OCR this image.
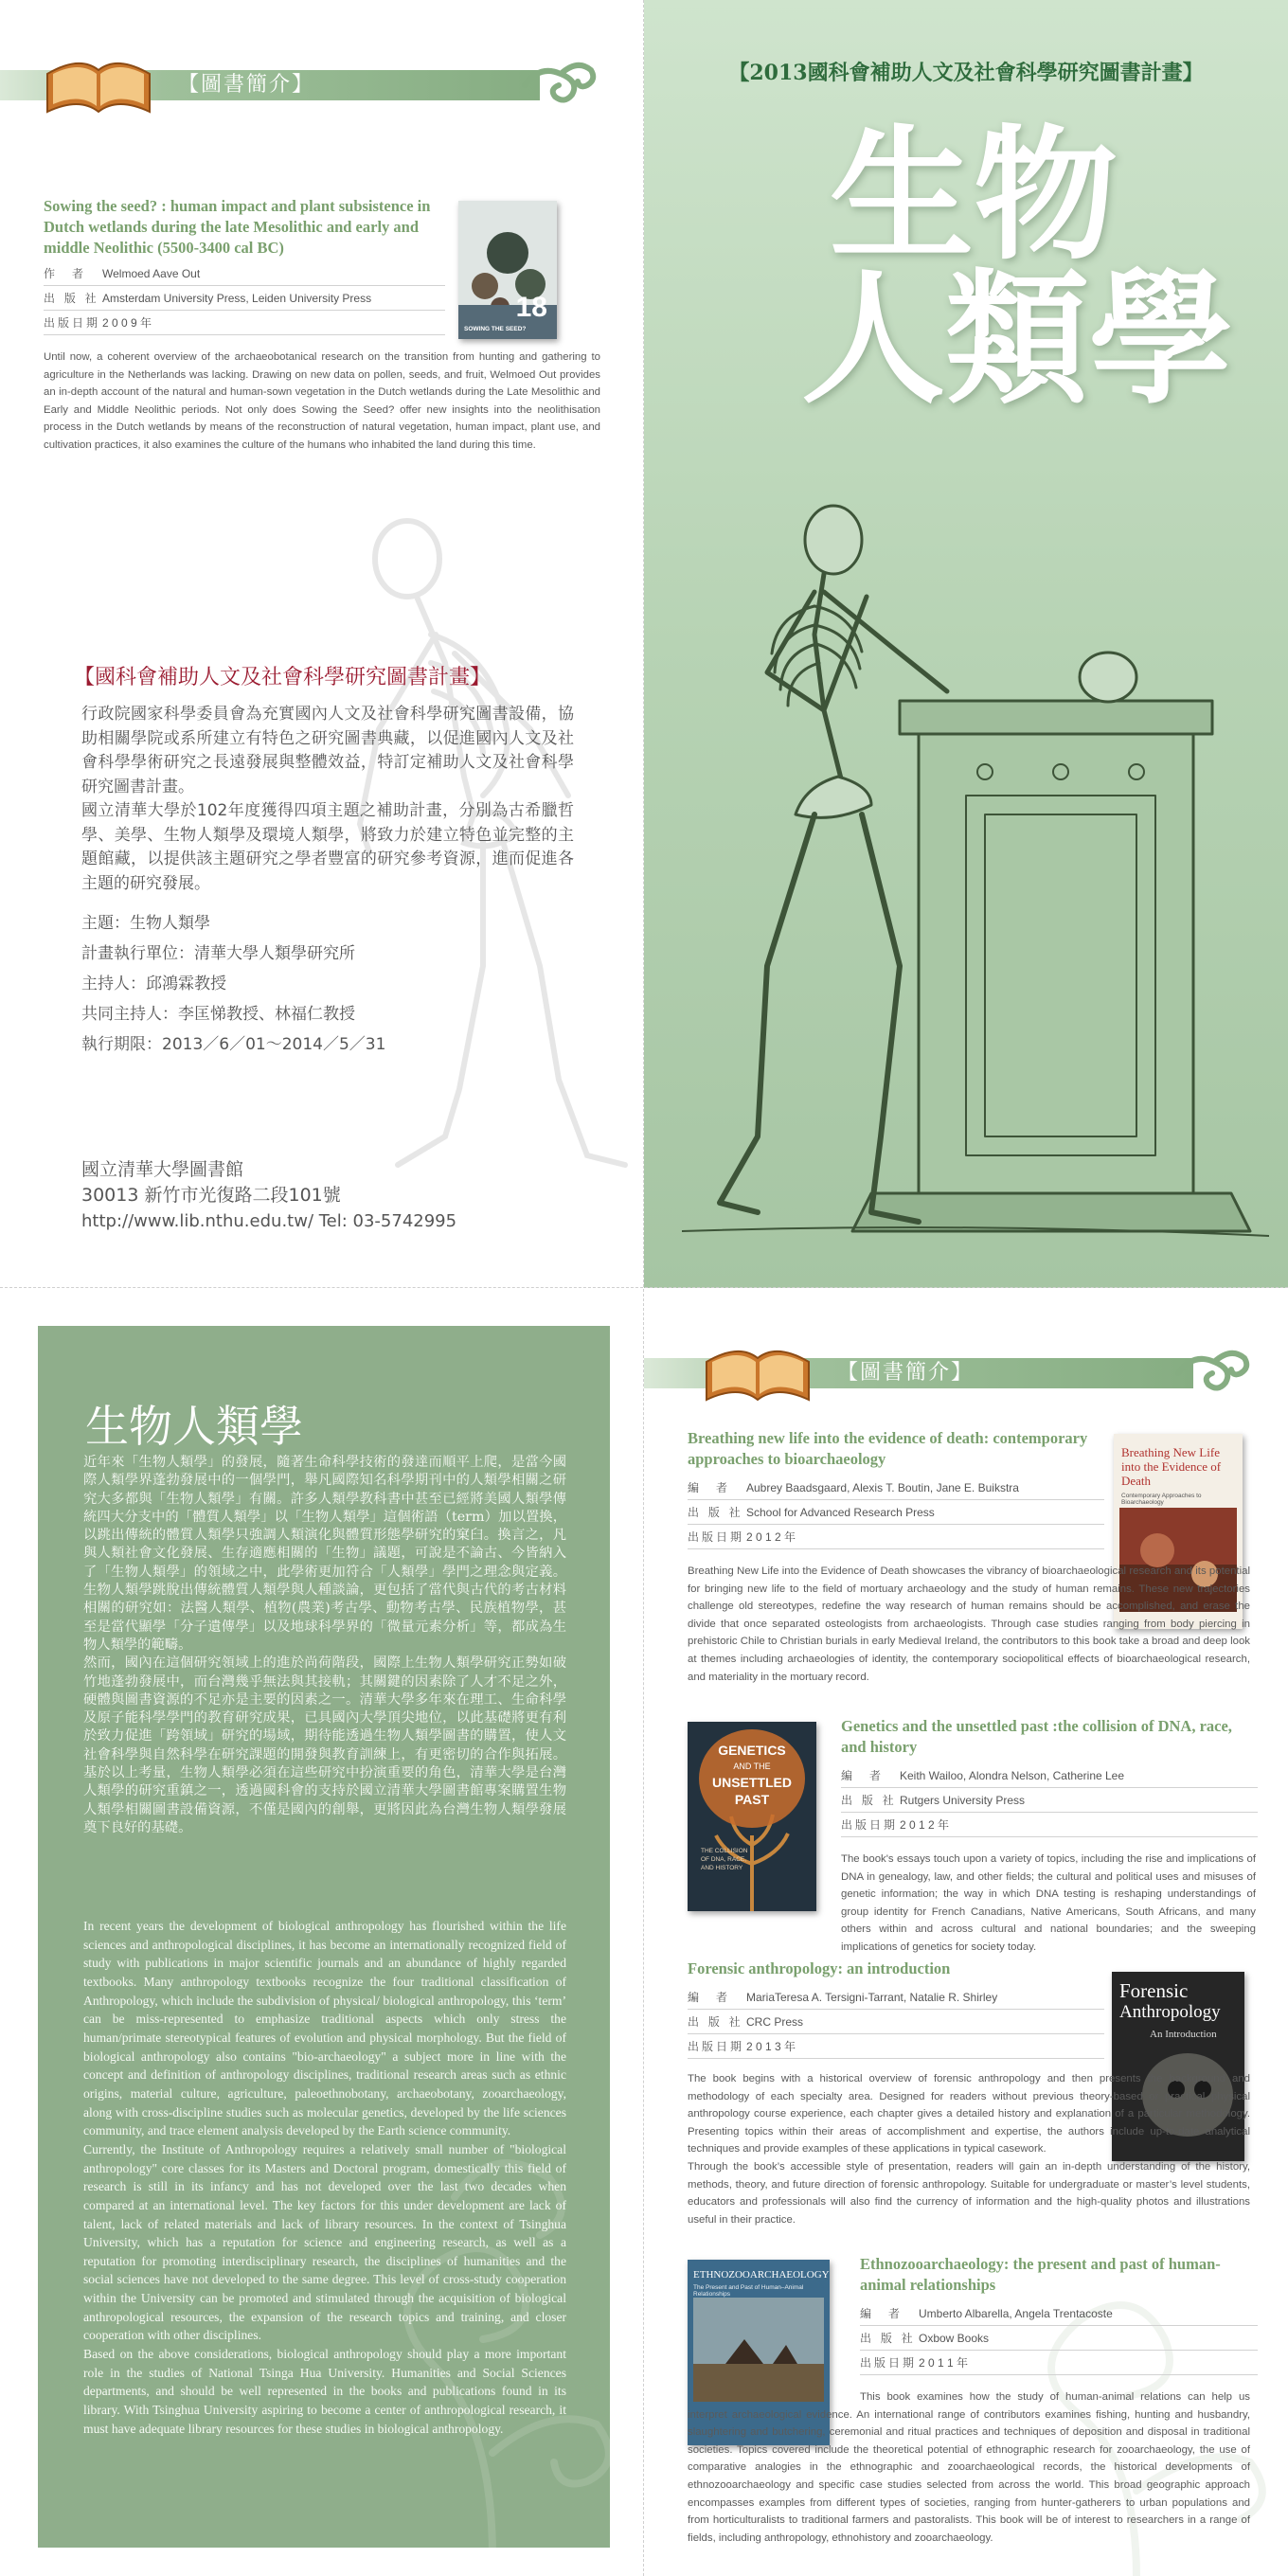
【圖書簡介】
Sowing the seed? : human impact and plant subsistence in Dutch wetlands during the late Mesolithic and early and middle Neolithic (5500-3400 cal BC)
作　者	Welmoed Aave Out
出 版 社 Amsterdam University Press, Leiden University Press
出版日期 2 0 0 9 年	18
SOWING THE SEED?
Until now, a coherent overview of the archaeobotanical research on the transition from hunting and gathering to agriculture in the Netherlands was lacking. Drawing on new data on pollen, seeds, and fruit, Welmoed Out provides an in-depth account of the natural and human-sown vegetation in the Dutch wetlands during the Late Mesolithic and Early and Middle Neolithic periods. Not only does Sowing the Seed? offer new insights into the neolithisation process in the Dutch wetlands by means of the reconstruction of natural vegetation, human impact, plant use, and cultivation practices, it also examines the culture of the humans who inhabited the land during this time.
【國科會補助人文及社會科學研究圖書計畫】
行政院國家科學委員會為充實國內人文及社會科學研究圖書設備，協助相關學院或系所建立有特色之研究圖書典藏，以促進國內人文及社會科學學術研究之長遠發展與整體效益，特訂定補助人文及社會科學研究圖書計畫。
國立清華大學於102年度獲得四項主題之補助計畫，分別為古希臘哲學、美學、生物人類學及環境人類學，將致力於建立特色並完整的主題館藏，以提供該主題研究之學者豐富的研究參考資源，進而促進各主題的研究發展。
主題：生物人類學
計畫執行單位：清華大學人類學研究所
主持人：邱鴻霖教授
共同主持人：李匡悌教授、林福仁教授
執行期限：2013／6／01～2014／5／31
國立清華大學圖書館
30013 新竹市光復路二段101號
http://www.lib.nthu.edu.tw/ Tel: 03-5742995
【2013國科會補助人文及社會科學研究圖書計畫】
生物
人類學
生物人類學
近年來「生物人類學」的發展，隨著生命科學技術的發達而順平上爬，是當今國際人類學界蓬勃發展中的一個學門，舉凡國際知名科學期刊中的人類學相關之研究大多都與「生物人類學」有關。許多人類學教科書中甚至已經將美國人類學傳統四大分支中的「體質人類學」以「生物人類學」這個術語（term）加以置換，以跳出傳統的體質人類學只強調人類演化與體質形態學研究的窠臼。換言之，凡與人類社會文化發展、生存適應相關的「生物」議題，可說是不論古、今皆納入了「生物人類學」的領域之中，此學術更加符合「人類學」學門之理念與定義。生物人類學跳脫出傳統體質人類學與人種談論，更包括了當代與古代的考古材料相關的研究如：法醫人類學、植物(農業)考古學、動物考古學、民族植物學，甚至是當代顯學「分子遺傳學」以及地球科學界的「微量元素分析」等，都成為生物人類學的範疇。
然而，國內在這個研究領域上的進於尚荷階段，國際上生物人類學研究正勢如破竹地蓬勃發展中，而台灣幾乎無法與其接軌；其關鍵的因素除了人才不足之外，硬體與圖書資源的不足亦是主要的因素之一。清華大學多年來在理工、生命科學及原子能科學學門的教育研究成果，已具國內大學頂尖地位，以此基礎將更有利於致力促進「跨領域」研究的場域，期待能透過生物人類學圖書的購置，使人文社會科學與自然科學在研究課題的開發與教育訓練上，有更密切的合作與拓展。基於以上考量，生物人類學必須在這些研究中扮演重要的角色，清華大學是台灣人類學的研究重鎮之一，透過國科會的支持於國立清華大學圖書館專案購置生物人類學相關圖書設備資源，不僅是國內的創舉，更將因此為台灣生物人類學發展奠下良好的基礎。

In recent years the development of biological anthropology has flourished within the life sciences and anthropological disciplines, it has become an internationally recognized field of study with publications in major scientific journals and an abundance of highly regarded textbooks. Many anthropology textbooks recognize the four traditional classification of Anthropology, which include the subdivision of physical/ biological anthropology, this ‘term’ can be miss-represented to emphasize traditional aspects which only stress the human/primate stereotypical features of evolution and physical morphology. But the field of biological anthropology also contains "bio-archaeology" a subject more in line with the concept and definition of anthropology disciplines, traditional research areas such as ethnic origins, material culture, agriculture, paleoethnobotany, archaeobotany, zooarchaeology, along with cross-discipline studies such as molecular genetics, developed by the life sciences community, and trace element analysis developed by the Earth science community.

Currently, the Institute of Anthropology requires a relatively small number of "biological anthropology" core classes for its Masters and Doctoral program, domestically this field of research is still in its infancy and has not developed over the last two decades when compared at an international level. The key factors for this under development are lack of talent, lack of related materials and lack of library resources. In the context of Tsinghua University, which has a reputation for science and engineering research, as well as a reputation for promoting interdisciplinary research, the disciplines of humanities and the social sciences have not developed to the same degree. This level of cross-study cooperation within the University can be promoted and stimulated through the acquisition of biological anthropological resources, the expansion of the research topics and training, and closer cooperation with other disciplines.

Based on the above considerations, biological anthropology should play a more important role in the studies of National Tsinga Hua University. Humanities and Social Sciences departments, and should be well represented in the books and publications found in its library. With Tsinghua University aspiring to become a center of anthropological research, it must have adequate library resources for these studies in biological anthropology.

【圖書簡介】
Breathing new life into the evidence of death: contemporary approaches to bioarchaeology
編　者	Aubrey Baadsgaard, Alexis T. Boutin, Jane E. Buikstra
出 版 社 School for Advanced Research Press
出版日期 2 0 1 2 年
Breathing New Life into the Evidence of Death
Contemporary Approaches to Bioarchaeology
Breathing New Life into the Evidence of Death showcases the vibrancy of bioarchaeological research and its potential for bringing new life to the field of mortuary archaeology and the study of human remains. These new trajectories challenge old stereotypes, redefine the way research of human remains should be accomplished, and erase the divide that once separated osteologists from archaeologists. Through case studies ranging from body piercing in prehistoric Chile to Christian burials in early Medieval Ireland, the contributors to this book take a broad and deep look at themes including archaeologies of identity, the contemporary sociopolitical effects of bioarchaeological research, and materiality in the mortuary record.
GENETICS
AND THE
UNSETTLED
PAST
THE COLLISION OF DNA, RACE, AND HISTORY
Genetics and the unsettled past :the collision of DNA, race, and history
編　者	Keith Wailoo, Alondra Nelson, Catherine Lee
出 版 社 Rutgers University Press
出版日期 2 0 1 2 年
The book's essays touch upon a variety of topics, including the rise and implications of DNA in genealogy, law, and other fields; the cultural and political uses and misuses of genetic information; the way in which DNA testing is reshaping understandings of group identity for French Canadians, Native Americans, South Africans, and many others within and across cultural and national boundaries; and the sweeping implications of genetics for society today.
Forensic anthropology: an introduction
編　者	MariaTeresa A. Tersigni-Tarrant, Natalie R. Shirley
出 版 社 CRC Press
出版日期 2 0 1 3 年
Forensic
Anthropology
An Introduction
The book begins with a historical overview of forensic anthropology and then presents the background and methodology of each specialty area. Designed for readers without previous theory-based or practical physical anthropology course experience, each chapter gives a detailed history and explanation of a particular methodology. Presenting topics within their areas of accomplishment and expertise, the authors include up-to-date analytical techniques and provide examples of these applications in typical casework.
Through the book’s accessible style of presentation, readers will gain an in-depth understanding of the history, methods, theory, and future direction of forensic anthropology. Suitable for undergraduate or master’s level students, educators and professionals will also find the currency of information and the high-quality photos and illustrations useful in their practice.
ETHNOZOOARCHAEOLOGY
The Present and Past of Human–Animal Relationships
Ethnozooarchaeology: the present and past of human-animal relationships
編　者	Umberto Albarella, Angela Trentacoste
出 版 社 Oxbow Books
出版日期 2 0 1 1 年
This book examines how the study of human-animal relations can help us interpret archaeological evidence. An international range of contributors examines fishing, hunting and husbandry, slaughtering and butchering, ceremonial and ritual practices and techniques of deposition and disposal in traditional societies. Topics covered include the theoretical potential of ethnographic research for zooarchaeology, the use of comparative analogies in the ethnographic and zooarchaeological records, the historical developments of ethnozooarchaeology and specific case studies selected from across the world. This broad geographic approach encompasses examples from different types of societies, ranging from hunter-gatherers to urban populations and from horticulturalists to traditional farmers and pastoralists. This book will be of interest to researchers in a range of fields, including anthropology, ethnohistory and zooarchaeology.
